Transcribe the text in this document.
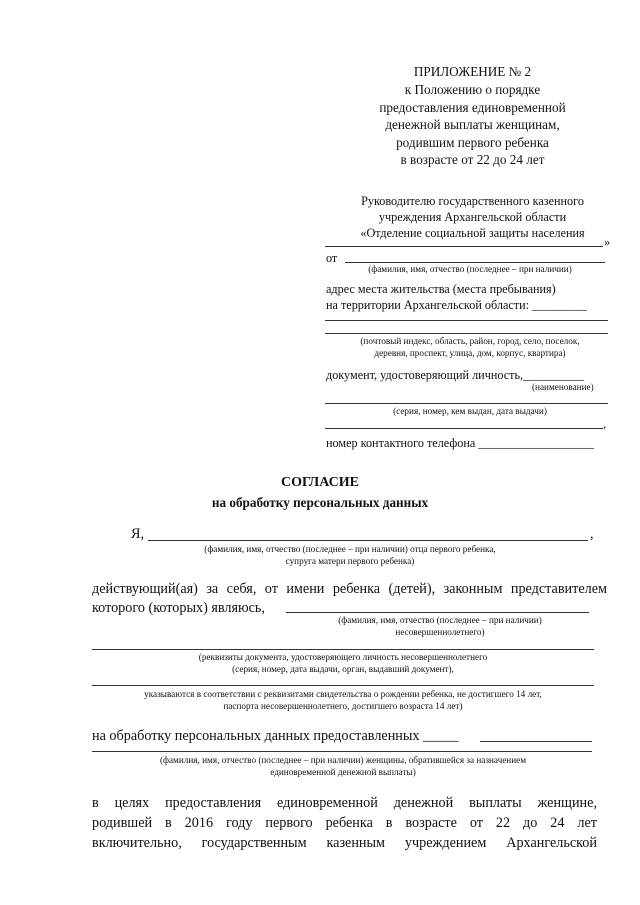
ПРИЛОЖЕНИЕ № 2
к Положению о порядке
предоставления единовременной
денежной выплаты женщинам,
родившим первого ребенка
в возрасте от 22 до 24 лет
Руководителю государственного казенного
учреждения Архангельской области
«Отделение социальной защиты населения
»
от
(фамилия, имя, отчество (последнее – при наличии)
адрес места жительства (места пребывания)
на территории Архангельской области: _________
(почтовый индекс, область, район, город, село, поселок,
деревня, проспект, улица, дом, корпус, квартира)
документ, удостоверяющий личность,__________
(наименование)
(серия, номер, кем выдан, дата выдачи)
,
номер контактного телефона ___________________
СОГЛАСИЕ
на обработку персональных данных
Я,	,
(фамилия, имя, отчество (последнее – при наличии) отца первого ребенка,
супруга матери первого ребенка)
действующий(ая) за себя, от имени ребенка (детей), законным представителем
которого (которых) являюсь,
(фамилия, имя, отчество (последнее – при наличии)
несовершеннолетнего)
(реквизиты документа, удостоверяющего личность несовершеннолетнего
(серия, номер, дата выдачи, орган, выдавший документ),
указываются в соответствии с реквизитами свидетельства о рождении ребенка, не достигшего 14 лет,
паспорта несовершеннолетнего, достигшего возраста 14 лет)
на обработку персональных данных предоставленных _____
(фамилия, имя, отчество (последнее – при наличии) женщины, обратившейся за назначением
единовременной денежной выплаты)
в целях предоставления единовременной денежной выплаты женщине,
родившей в 2016 году первого ребенка в возрасте от 22 до 24 лет
включительно, государственным казенным учреждением Архангельской
